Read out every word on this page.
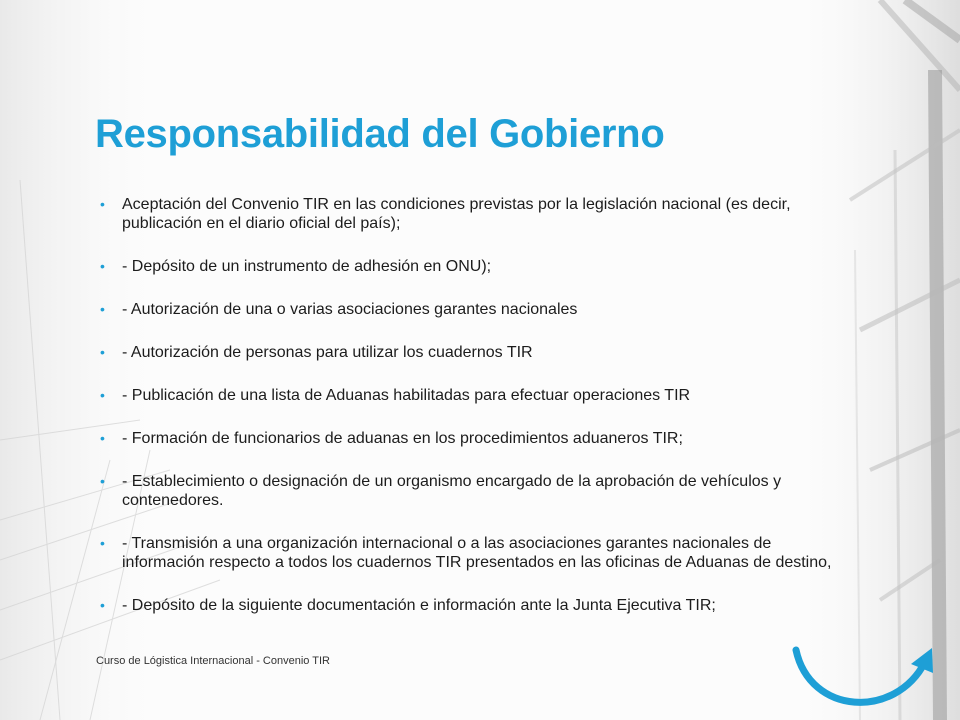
Responsabilidad del Gobierno
• Aceptación del Convenio TIR en las condiciones previstas por la legislación nacional (es decir, publicación en el diario oficial del país);
• - Depósito de un instrumento de adhesión en ONU);
• - Autorización de una o varias asociaciones garantes nacionales
• - Autorización de personas para utilizar los cuadernos TIR
• - Publicación de una lista de Aduanas habilitadas para efectuar operaciones TIR
• - Formación de funcionarios de aduanas en los procedimientos aduaneros TIR;
• - Establecimiento o designación de un organismo encargado de la aprobación de vehículos y contenedores.
• - Transmisión a una organización internacional o a las asociaciones garantes nacionales de información respecto a todos los cuadernos TIR presentados en las oficinas de Aduanas de destino,
• - Depósito de la siguiente documentación e información ante la Junta Ejecutiva TIR;
Curso de Lógistica Internacional - Convenio TIR
